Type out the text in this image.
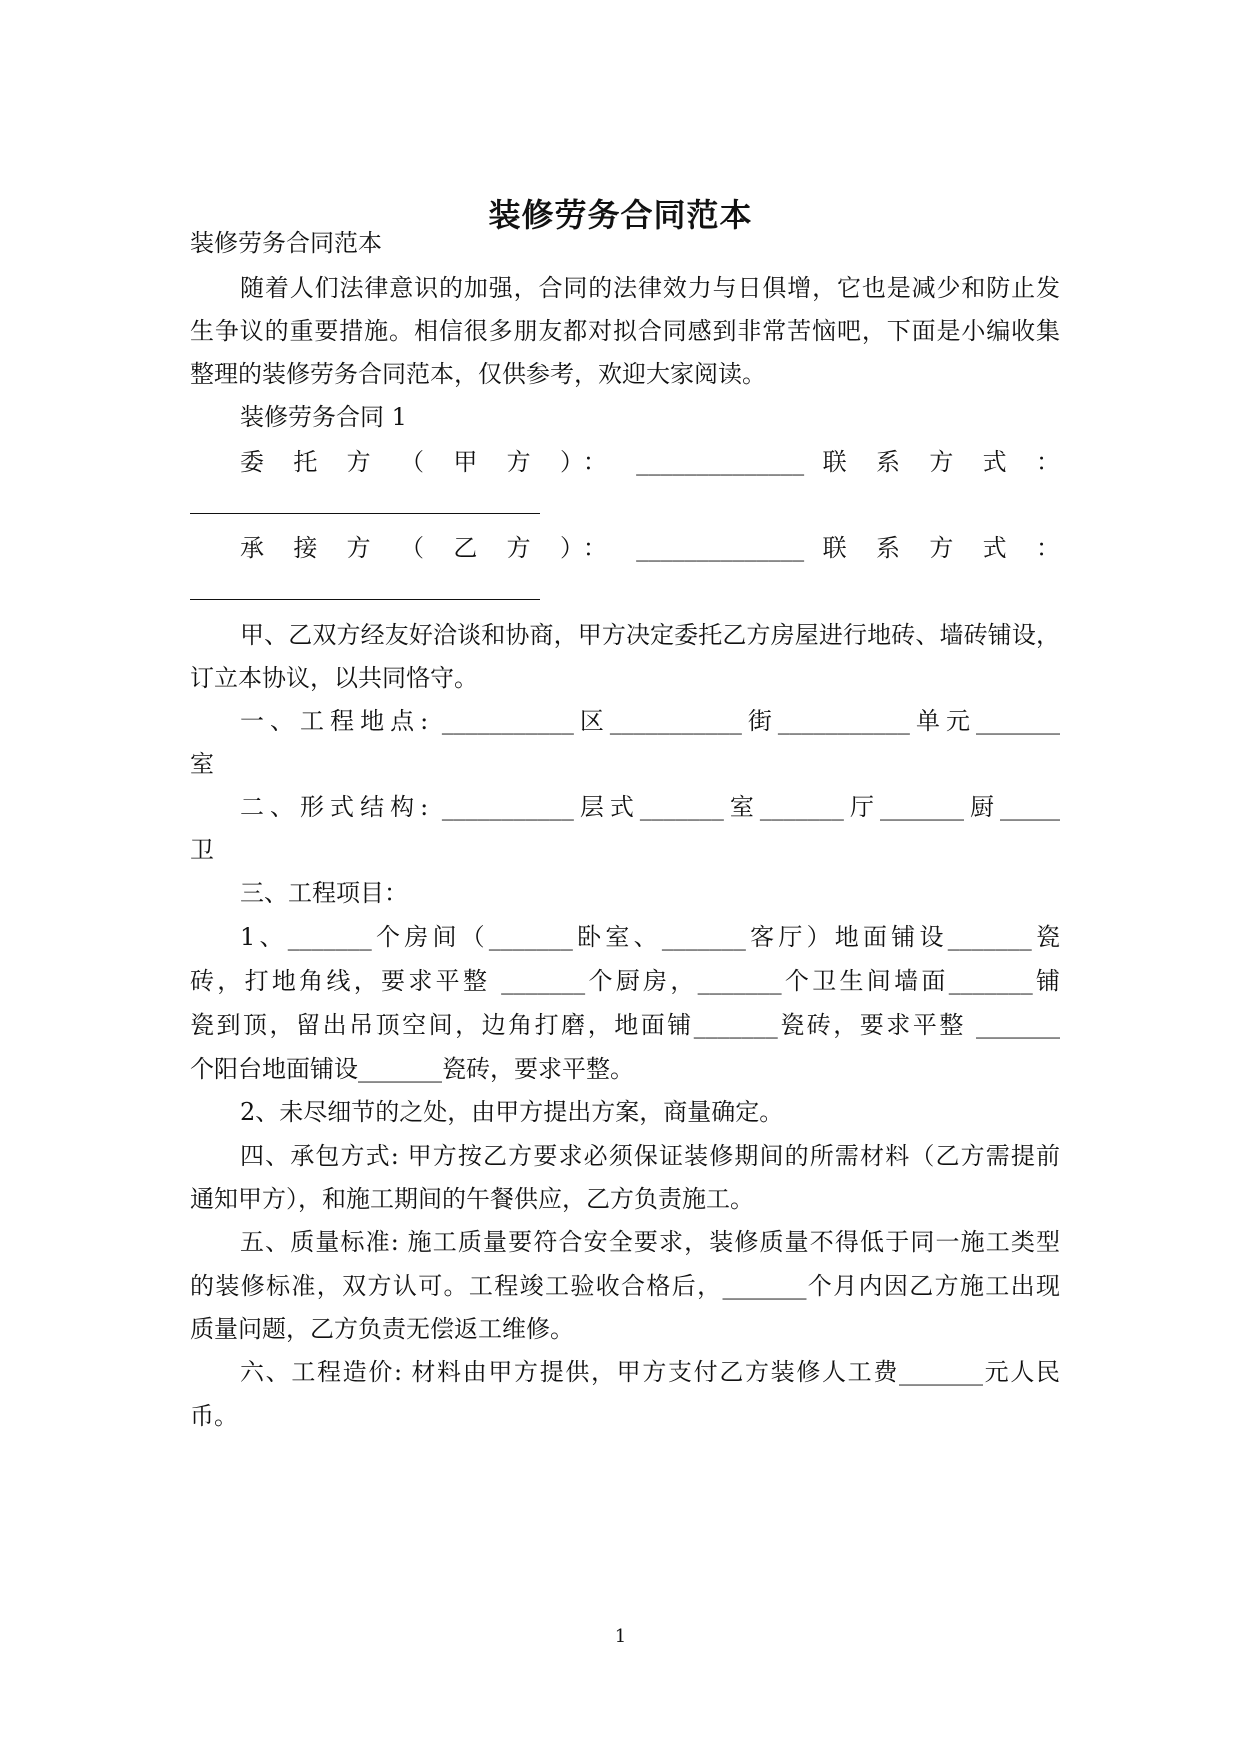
装修劳务合同范本
装修劳务合同范本
随着人们法律意识的加强，合同的法律效力与日俱增，它也是减少和防止发
生争议的重要措施。相信很多朋友都对拟合同感到非常苦恼吧，下面是小编收集
整理的装修劳务合同范本，仅供参考，欢迎大家阅读。
装修劳务合同 1
委 托 方 （ 甲 方 ）： ______________ 联 系 方 式 ：
承 接 方 （ 乙 方 ）： ______________ 联 系 方 式 ：
甲、乙双方经友好洽谈和协商，甲方决定委托乙方房屋进行地砖、墙砖铺设，
订立本协议，以共同恪守。
一、工程地点: ___________区___________街___________单元_______
室
二、形式结构: ___________层式_______室_______厅_______厨_____
卫
三、工程项目：
1、_______个房间（_______卧室、_______客厅）地面铺设_______瓷
砖，打地角线，要求平整 _______个厨房，_______个卫生间墙面_______铺
瓷到顶，留出吊顶空间，边角打磨，地面铺_______瓷砖，要求平整 _______
个阳台地面铺设_______瓷砖，要求平整。
2、未尽细节的之处，由甲方提出方案，商量确定。
四、承包方式: 甲方按乙方要求必须保证装修期间的所需材料（乙方需提前
通知甲方），和施工期间的午餐供应，乙方负责施工。
五、质量标准: 施工质量要符合安全要求，装修质量不得低于同一施工类型
的装修标准，双方认可。工程竣工验收合格后，_______个月内因乙方施工出现
质量问题，乙方负责无偿返工维修。
六、工程造价: 材料由甲方提供，甲方支付乙方装修人工费_______元人民
币。
1
